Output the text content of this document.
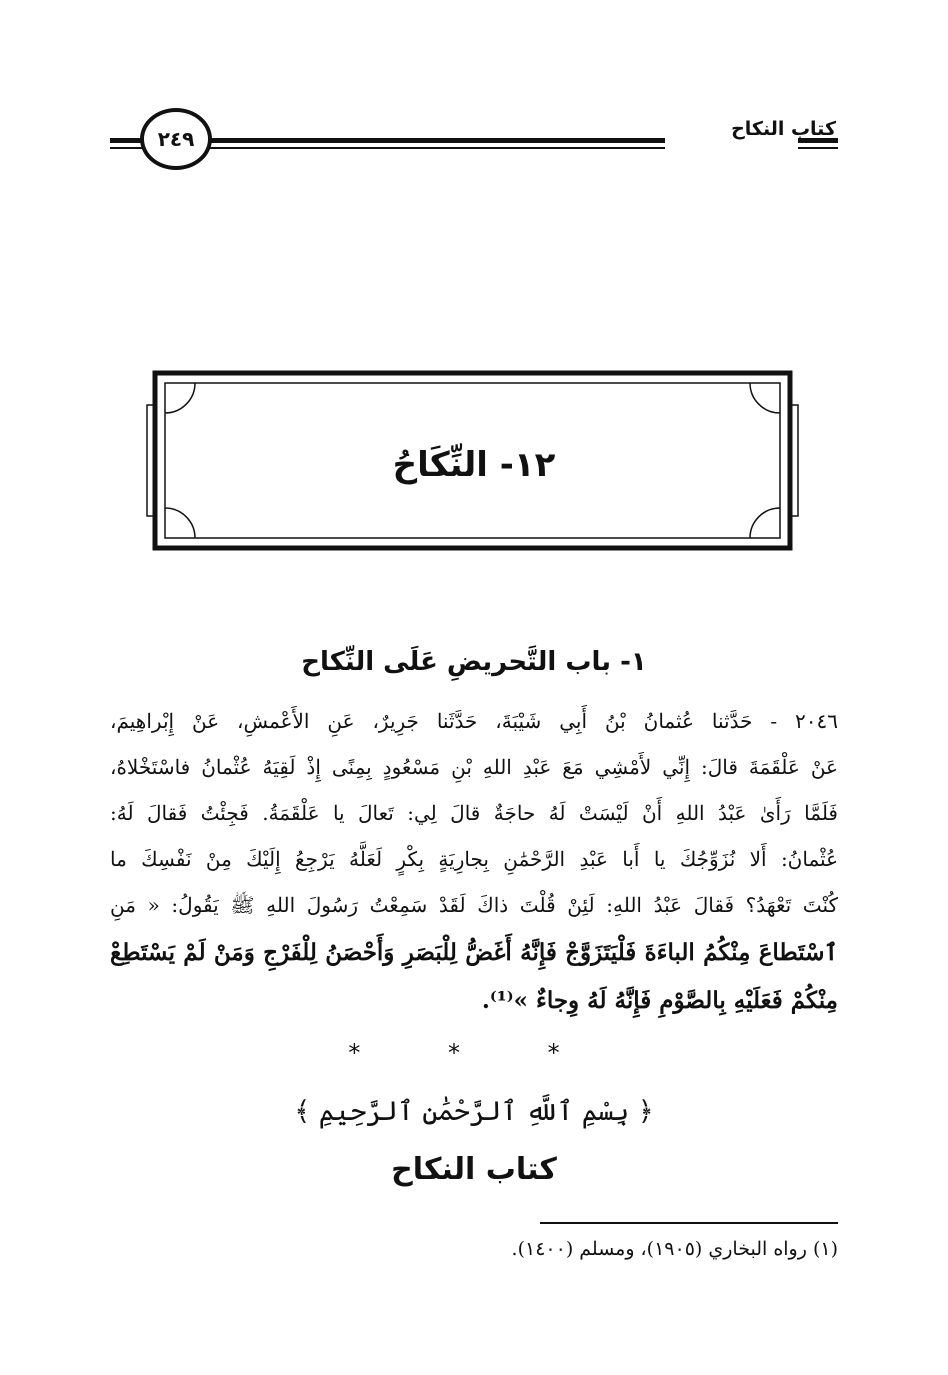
كتاب النكاح
٢٤٩
١٢- النِّكَاحُ
١- باب التَّحريضِ عَلَى النِّكاح
٢٠٤٦ - حَدَّثنا عُثمانُ بْنُ أَبِي شَيْبَةَ، حَدَّثَنا جَرِيرٌ، عَنِ الأَعْمشِ، عَنْ إِبْراهِيمَ،
عَنْ عَلْقَمَةَ قالَ: إِنِّي لأَمْشِي مَعَ عَبْدِ اللهِ بْنِ مَسْعُودٍ بِمِنًى إِذْ لَقِيَهُ عُثْمانُ فاسْتَخْلاهُ،
فَلَمَّا رَأَىٰ عَبْدُ اللهِ أَنْ لَيْسَتْ لَهُ حاجَةٌ قالَ لِي: تَعالَ يا عَلْقَمَةُ. فَجِئْتُ فَقالَ لَهُ:
عُثْمانُ: أَلا نُزَوِّجُكَ يا أَبا عَبْدِ الرَّحْمَٰنِ بِجارِيَةٍ بِكْرٍ لَعَلَّهُ يَرْجِعُ إِلَيْكَ مِنْ نَفْسِكَ ما
كُنْتَ تَعْهَدُ؟ فَقالَ عَبْدُ اللهِ: لَئِنْ قُلْتَ ذاكَ لَقَدْ سَمِعْتُ رَسُولَ اللهِ ﷺ يَقُولُ: « مَنِ
ٱسْتَطاعَ مِنْكُمُ الباءَةَ فَلْيَتَزَوَّجْ فَإِنَّهُ أَغَضُّ لِلْبَصَرِ وَأَحْصَنُ لِلْفَرْجِ وَمَنْ لَمْ يَسْتَطِعْ
مِنْكُمْ فَعَلَيْهِ بِالصَّوْمِ فَإِنَّهُ لَهُ وِجاءٌ »⁽¹⁾.
* * *
﴿ بِسْمِ ٱللَّهِ ٱلرَّحْمَٰنِ ٱلرَّحِيمِ ﴾
كتاب النكاح
(١) رواه البخاري (١٩٠٥)، ومسلم (١٤٠٠).
